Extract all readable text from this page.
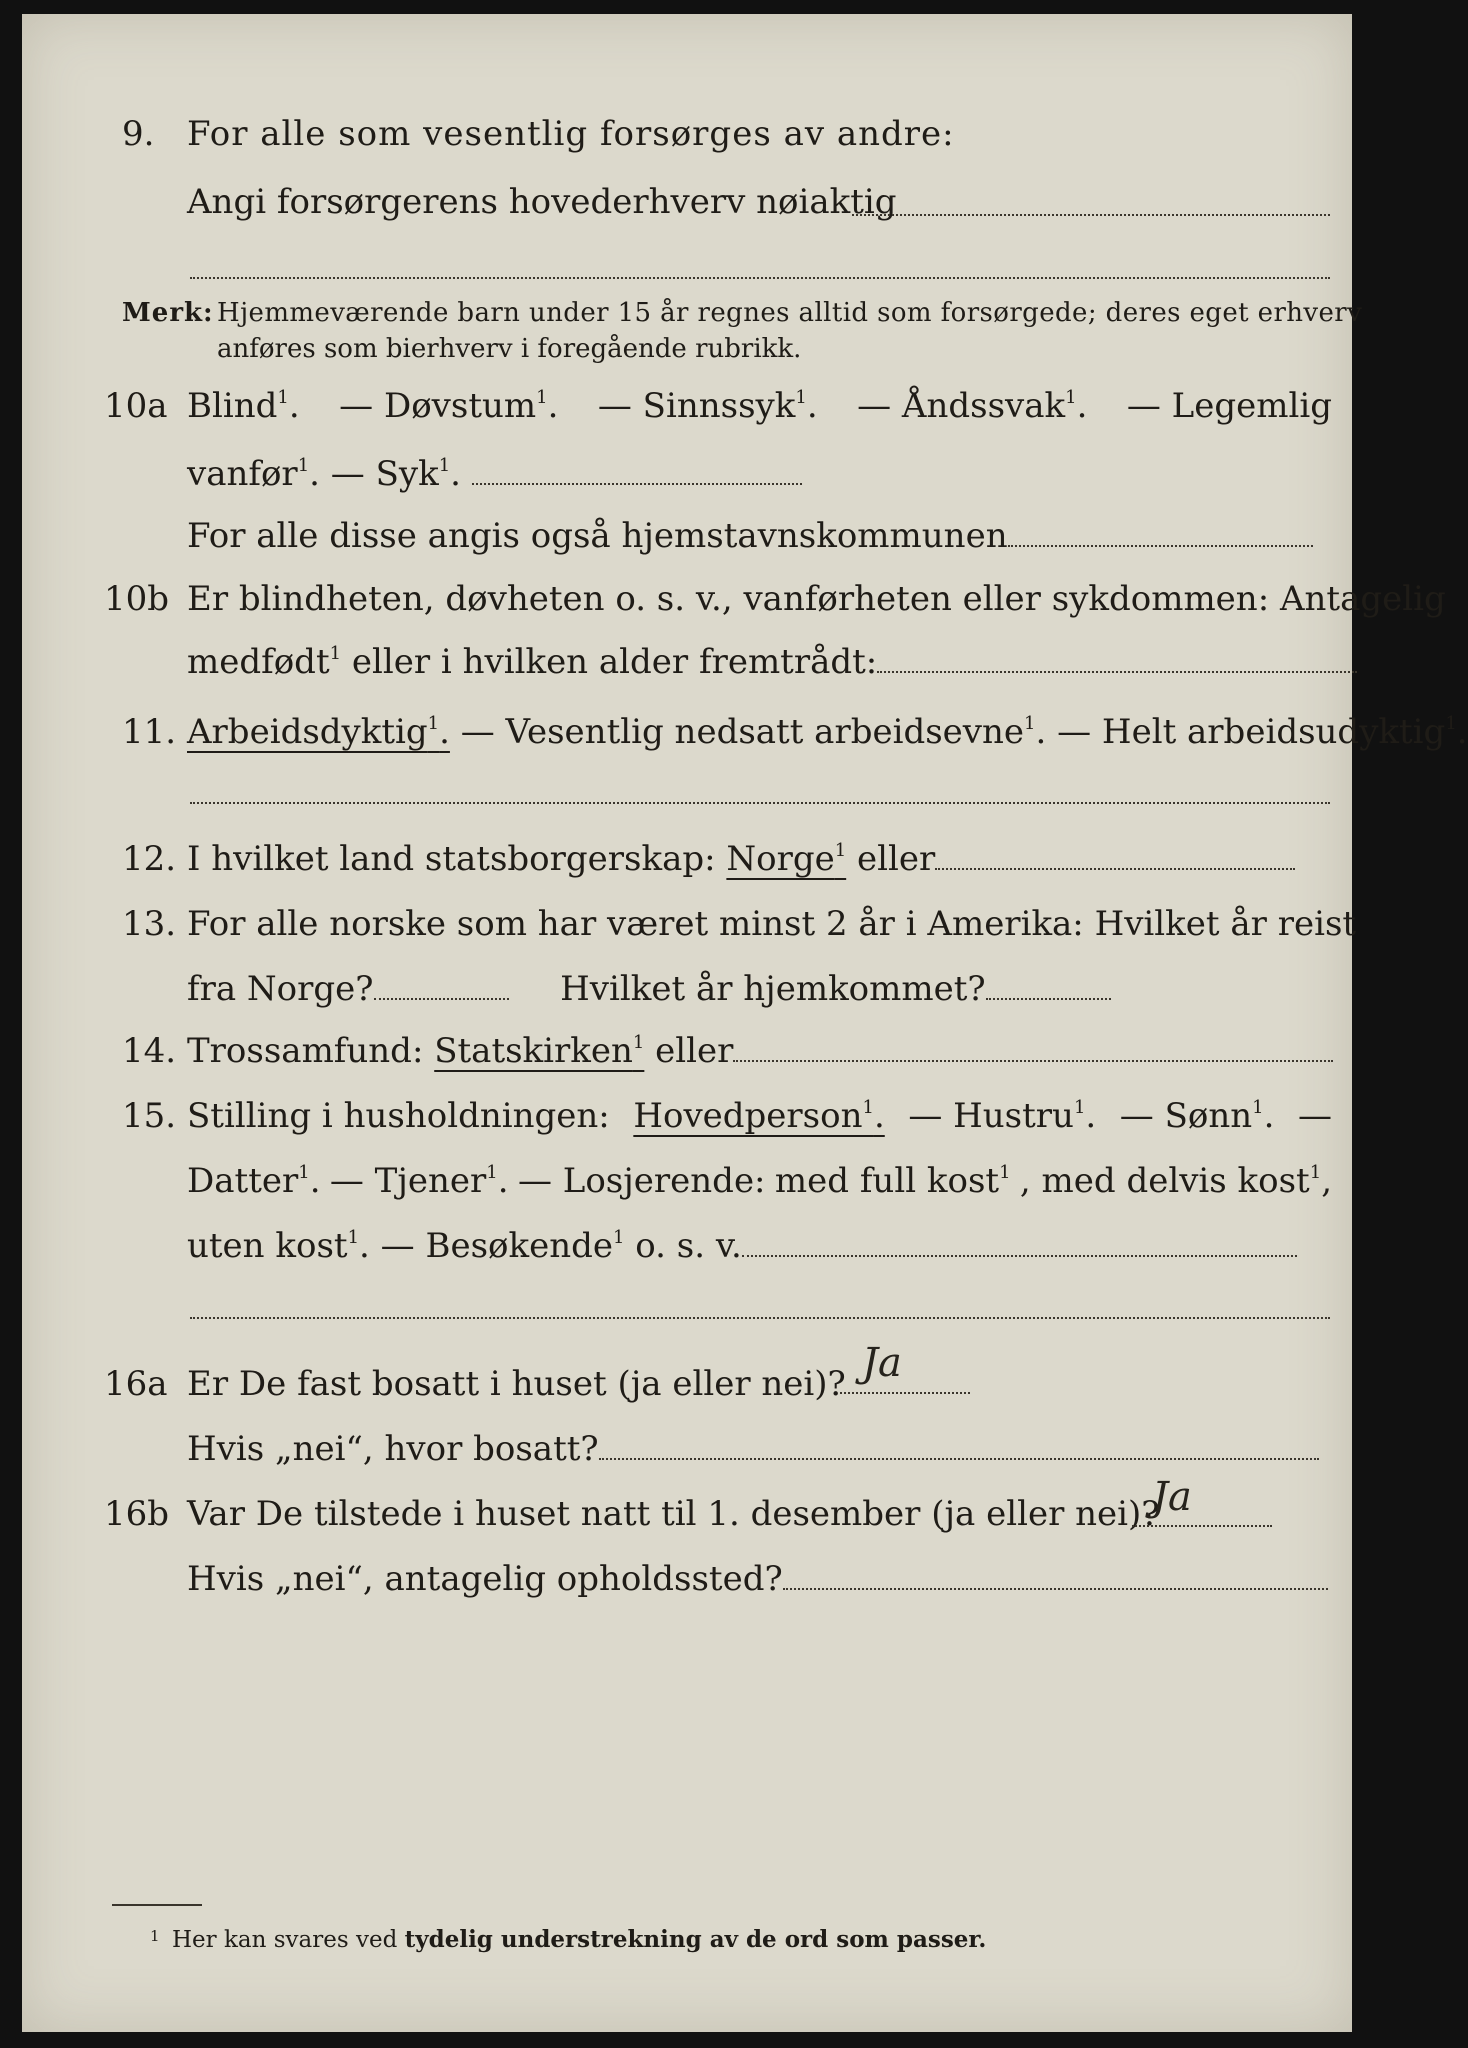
9. For alle som vesentlig forsørges av andre:
Angi forsørgerens hovederhverv nøiaktig
Merk: Hjemmeværende barn under 15 år regnes alltid som forsørgede; deres eget erhverv
anføres som bierhverv i foregående rubrikk.
10a Blind$^1$. — Døvstum$^1$. — Sinnssyk$^1$. — Åndssvak$^1$. — Legemlig
vanfør$^1$. — Syk$^1$.
For alle disse angis også hjemstavnskommunen
10b Er blindheten, døvheten o. s. v., vanførheten eller sykdommen: Antagelig
medfødt$^1$ eller i hvilken alder fremtrådt:
11. Arbeidsdyktig$^1$. — Vesentlig nedsatt arbeidsevne$^1$. — Helt arbeidsudyktig$^1$.
12. I hvilket land statsborgerskap: Norge$^1$ eller
13. For alle norske som har været minst 2 år i Amerika: Hvilket år reist
fra Norge?	Hvilket år hjemkommet?
14. Trossamfund: Statskirken$^1$ eller
15. Stilling i husholdningen: Hovedperson$^1$. — Hustru$^1$. — Sønn$^1$. —
Datter$^1$. — Tjener$^1$. — Losjerende: med full kost$^1$ , med delvis kost$^1$,
uten kost$^1$. — Besøkende$^1$ o. s. v.
16a Er De fast bosatt i huset (ja eller nei)? Ja
Hvis „nei“, hvor bosatt?
16b Var De tilstede i huset natt til 1. desember (ja eller nei)?
Ja
Hvis „nei“, antagelig opholdssted?
1 Her kan svares ved tydelig understrekning av de ord som passer.
